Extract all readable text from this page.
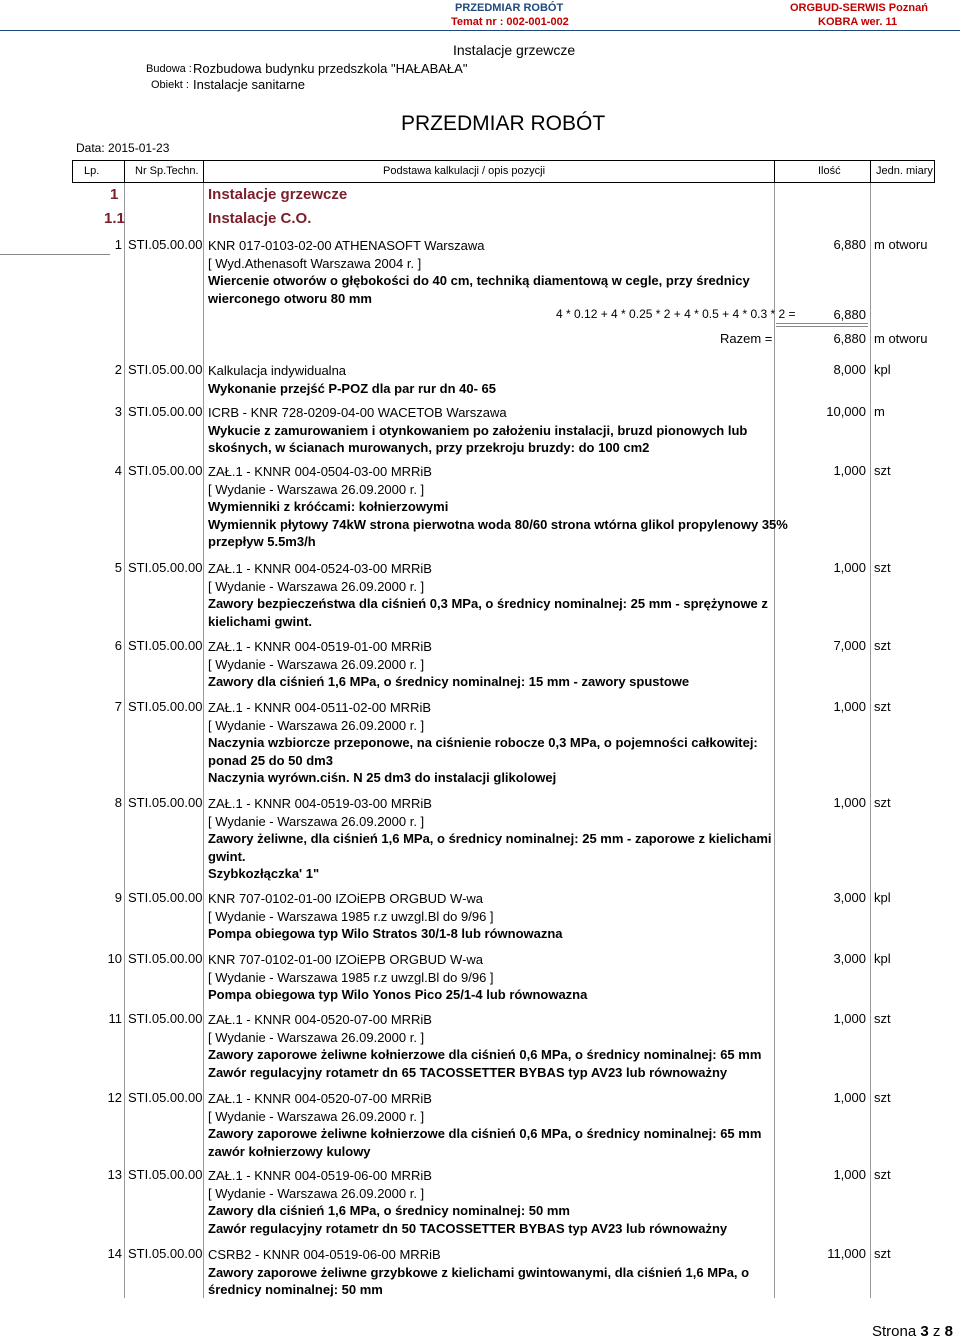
PRZEDMIAR ROBÓT
Temat nr : 002-001-002
ORGBUD-SERWIS Poznań
KOBRA wer. 11
Budowa : Rozbudowa budynku przedszkola "HAŁABAŁA"
Obiekt : Instalacje sanitarne
Instalacje grzewcze
PRZEDMIAR ROBÓT
Data: 2015-01-23
Lp.	Nr Sp.Techn.	Podstawa kalkulacji / opis pozycji	Ilość	Jedn. miary
1	Instalacje grzewcze
1.1	Instalacje C.O.
1 STI.05.00.00 KNR 017-0103-02-00 ATHENASOFT Warszawa
[ Wyd.Athenasoft Warszawa 2004 r. ]
Wiercenie otworów o głębokości do 40 cm, techniką diamentową w cegle, przy średnicy
wierconego otworu 80 mm
6,880 m otworu
4 * 0.12 + 4 * 0.25 * 2 + 4 * 0.5 + 4 * 0.3 * 2 =	6,880
Razem =	6,880 m otworu
2 STI.05.00.00 Kalkulacja indywidualna
Wykonanie przejść P-POZ dla par rur dn 40- 65
8,000 kpl
3 STI.05.00.00 ICRB - KNR 728-0209-04-00 WACETOB Warszawa
Wykucie z zamurowaniem i otynkowaniem po założeniu instalacji, bruzd pionowych lub
skośnych, w ścianach murowanych, przy przekroju bruzdy: do 100 cm2
10,000 m
4 STI.05.00.00 ZAŁ.1 - KNNR 004-0504-03-00 MRRiB
[ Wydanie - Warszawa 26.09.2000 r. ]
Wymienniki z króćcami: kołnierzowymi
Wymiennik płytowy 74kW strona pierwotna woda 80/60 strona wtórna glikol propylenowy 35%
przepływ 5.5m3/h
1,000 szt
5 STI.05.00.00 ZAŁ.1 - KNNR 004-0524-03-00 MRRiB
[ Wydanie - Warszawa 26.09.2000 r. ]
Zawory bezpieczeństwa dla ciśnień 0,3 MPa, o średnicy nominalnej: 25 mm - sprężynowe z
kielichami gwint.
1,000 szt
6 STI.05.00.00 ZAŁ.1 - KNNR 004-0519-01-00 MRRiB
[ Wydanie - Warszawa 26.09.2000 r. ]
Zawory dla ciśnień 1,6 MPa, o średnicy nominalnej: 15 mm - zawory spustowe
7,000 szt
7 STI.05.00.00 ZAŁ.1 - KNNR 004-0511-02-00 MRRiB
[ Wydanie - Warszawa 26.09.2000 r. ]
Naczynia wzbiorcze przeponowe, na ciśnienie robocze 0,3 MPa, o pojemności całkowitej:
ponad 25 do 50 dm3
Naczynia wyrówn.ciśn. N 25 dm3 do instalacji glikolowej
1,000 szt
8 STI.05.00.00 ZAŁ.1 - KNNR 004-0519-03-00 MRRiB
[ Wydanie - Warszawa 26.09.2000 r. ]
Zawory żeliwne, dla ciśnień 1,6 MPa, o średnicy nominalnej: 25 mm - zaporowe z kielichami
gwint.
Szybkozłączka' 1"
1,000 szt
9 STI.05.00.00 KNR 707-0102-01-00 IZOiEPB ORGBUD W-wa
[ Wydanie - Warszawa 1985 r.z uwzgl.Bl do 9/96 ]
Pompa obiegowa typ Wilo Stratos 30/1-8 lub równowazna
3,000 kpl
10 STI.05.00.00 KNR 707-0102-01-00 IZOiEPB ORGBUD W-wa
[ Wydanie - Warszawa 1985 r.z uwzgl.Bl do 9/96 ]
Pompa obiegowa typ Wilo Yonos Pico 25/1-4 lub równowazna
3,000 kpl
11 STI.05.00.00 ZAŁ.1 - KNNR 004-0520-07-00 MRRiB
[ Wydanie - Warszawa 26.09.2000 r. ]
Zawory zaporowe żeliwne kołnierzowe dla ciśnień 0,6 MPa, o średnicy nominalnej: 65 mm
Zawór regulacyjny rotametr dn 65 TACOSSETTER BYBAS typ AV23 lub równoważny
1,000 szt
12 STI.05.00.00 ZAŁ.1 - KNNR 004-0520-07-00 MRRiB
[ Wydanie - Warszawa 26.09.2000 r. ]
Zawory zaporowe żeliwne kołnierzowe dla ciśnień 0,6 MPa, o średnicy nominalnej: 65 mm
zawór kołnierzowy kulowy
1,000 szt
13 STI.05.00.00 ZAŁ.1 - KNNR 004-0519-06-00 MRRiB
[ Wydanie - Warszawa 26.09.2000 r. ]
Zawory dla ciśnień 1,6 MPa, o średnicy nominalnej: 50 mm
Zawór regulacyjny rotametr dn 50 TACOSSETTER BYBAS typ AV23 lub równoważny
1,000 szt
14 STI.05.00.00 CSRB2 - KNNR 004-0519-06-00 MRRiB
Zawory zaporowe żeliwne grzybkowe z kielichami gwintowanymi, dla ciśnień 1,6 MPa, o
średnicy nominalnej: 50 mm
11,000 szt
Strona 3 z 8
